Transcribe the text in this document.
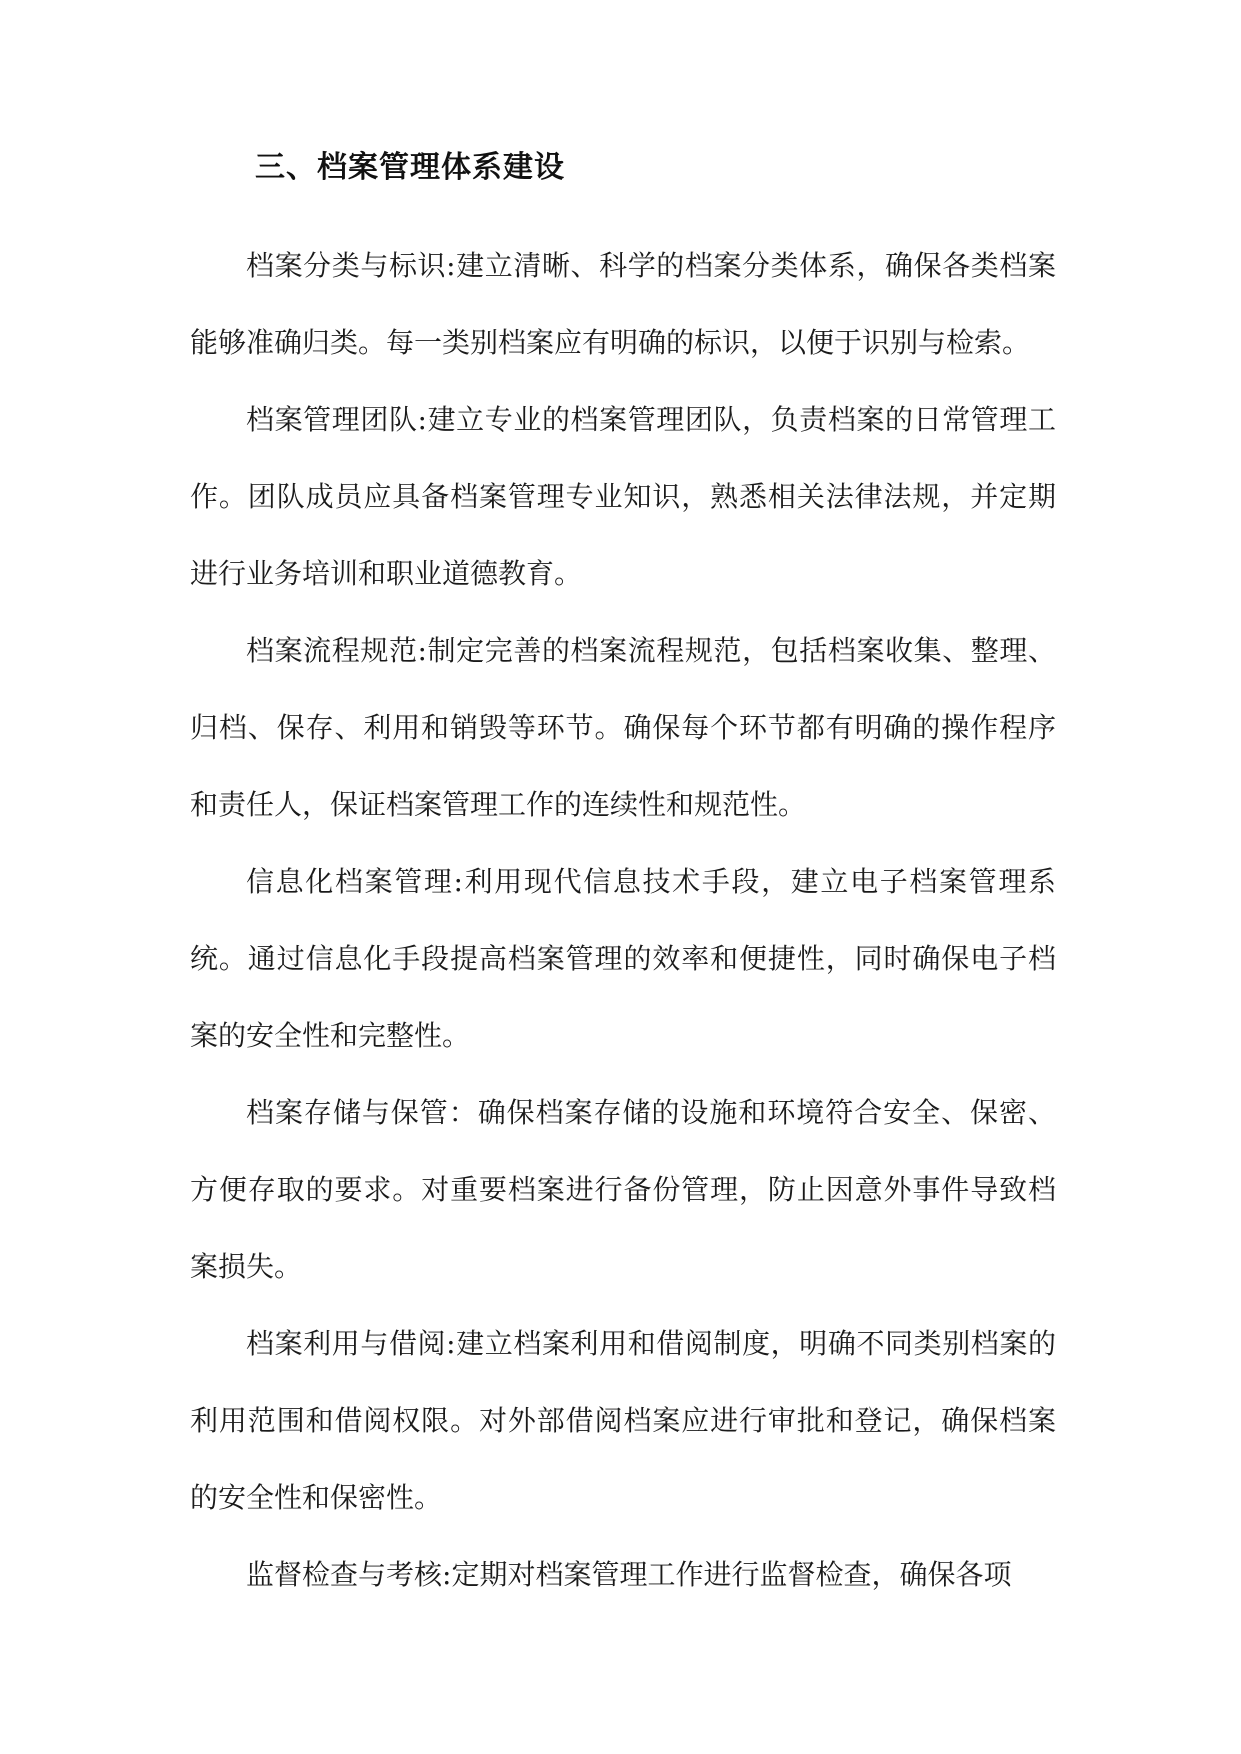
三、档案管理体系建设

档案分类与标识:建立清晰、科学的档案分类体系，确保各类档案能够准确归类。每一类别档案应有明确的标识，以便于识别与检索。

档案管理团队:建立专业的档案管理团队，负责档案的日常管理工作。团队成员应具备档案管理专业知识，熟悉相关法律法规，并定期进行业务培训和职业道德教育。

档案流程规范:制定完善的档案流程规范，包括档案收集、整理、归档、保存、利用和销毁等环节。确保每个环节都有明确的操作程序和责任人，保证档案管理工作的连续性和规范性。

信息化档案管理:利用现代信息技术手段，建立电子档案管理系统。通过信息化手段提高档案管理的效率和便捷性，同时确保电子档案的安全性和完整性。

档案存储与保管：确保档案存储的设施和环境符合安全、保密、方便存取的要求。对重要档案进行备份管理，防止因意外事件导致档案损失。

档案利用与借阅:建立档案利用和借阅制度，明确不同类别档案的利用范围和借阅权限。对外部借阅档案应进行审批和登记，确保档案的安全性和保密性。

监督检查与考核:定期对档案管理工作进行监督检查，确保各项
